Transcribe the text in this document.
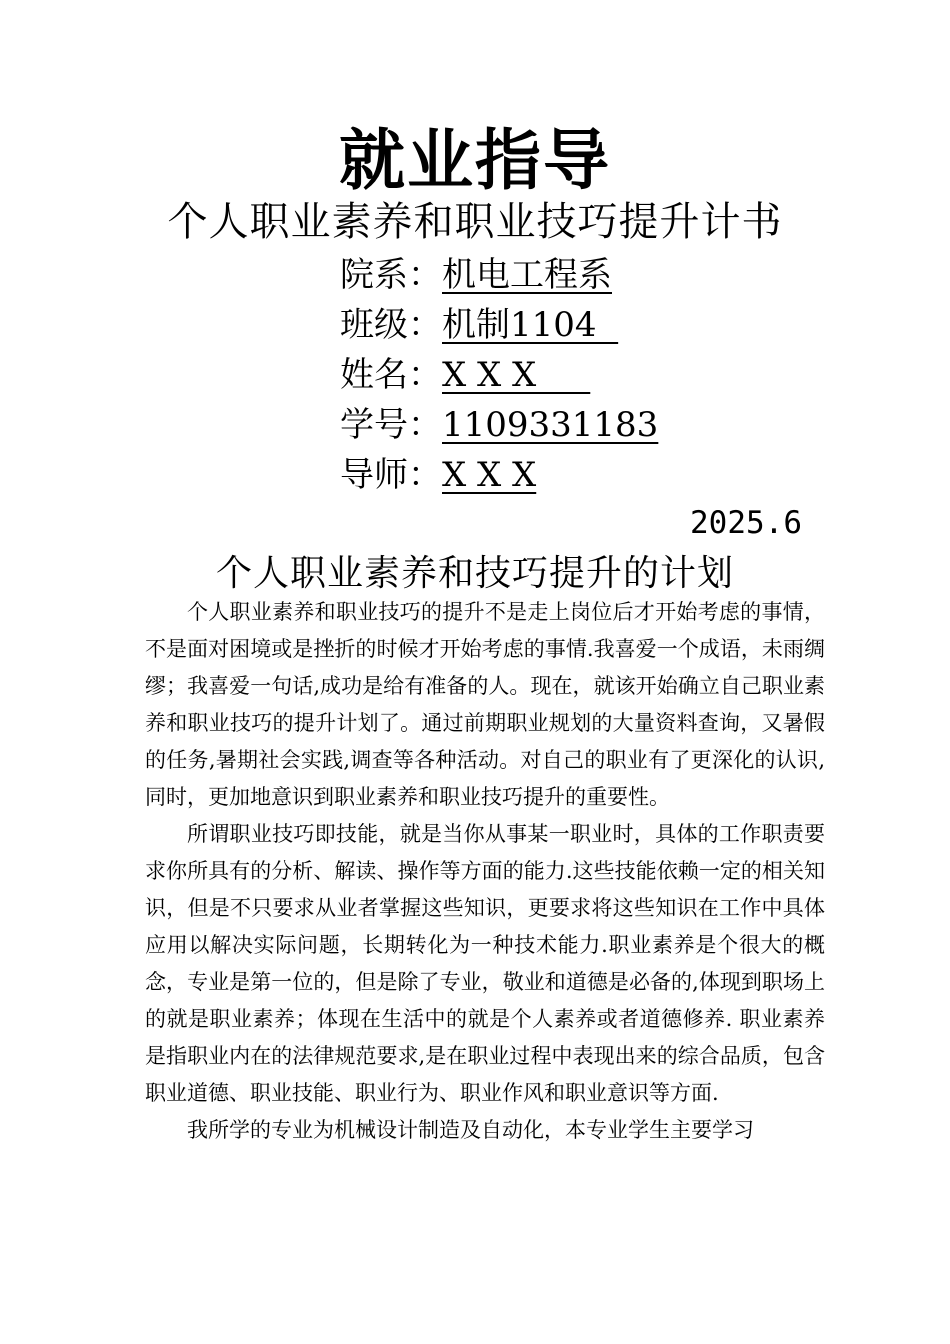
就业指导
个人职业素养和职业技巧提升计书
院系：机电工程系
班级：机制1104
姓名：X X X
学号：1109331183
导师：X X X
2025.6
个人职业素养和技巧提升的计划

个人职业素养和职业技巧的提升不是走上岗位后才开始考虑的事情，不是面对困境或是挫折的时候才开始考虑的事情.我喜爱一个成语，未雨绸缪；我喜爱一句话,成功是给有准备的人。现在，就该开始确立自己职业素养和职业技巧的提升计划了。通过前期职业规划的大量资料查询，又暑假的任务,暑期社会实践,调查等各种活动。对自己的职业有了更深化的认识,同时，更加地意识到职业素养和职业技巧提升的重要性。

所谓职业技巧即技能，就是当你从事某一职业时，具体的工作职责要求你所具有的分析、解读、操作等方面的能力.这些技能依赖一定的相关知识，但是不只要求从业者掌握这些知识，更要求将这些知识在工作中具体应用以解决实际问题，长期转化为一种技术能力.职业素养是个很大的概念，专业是第一位的，但是除了专业，敬业和道德是必备的,体现到职场上的就是职业素养；体现在生活中的就是个人素养或者道德修养. 职业素养是指职业内在的法律规范要求,是在职业过程中表现出来的综合品质，包含职业道德、职业技能、职业行为、职业作风和职业意识等方面.

我所学的专业为机械设计制造及自动化，本专业学生主要学习
